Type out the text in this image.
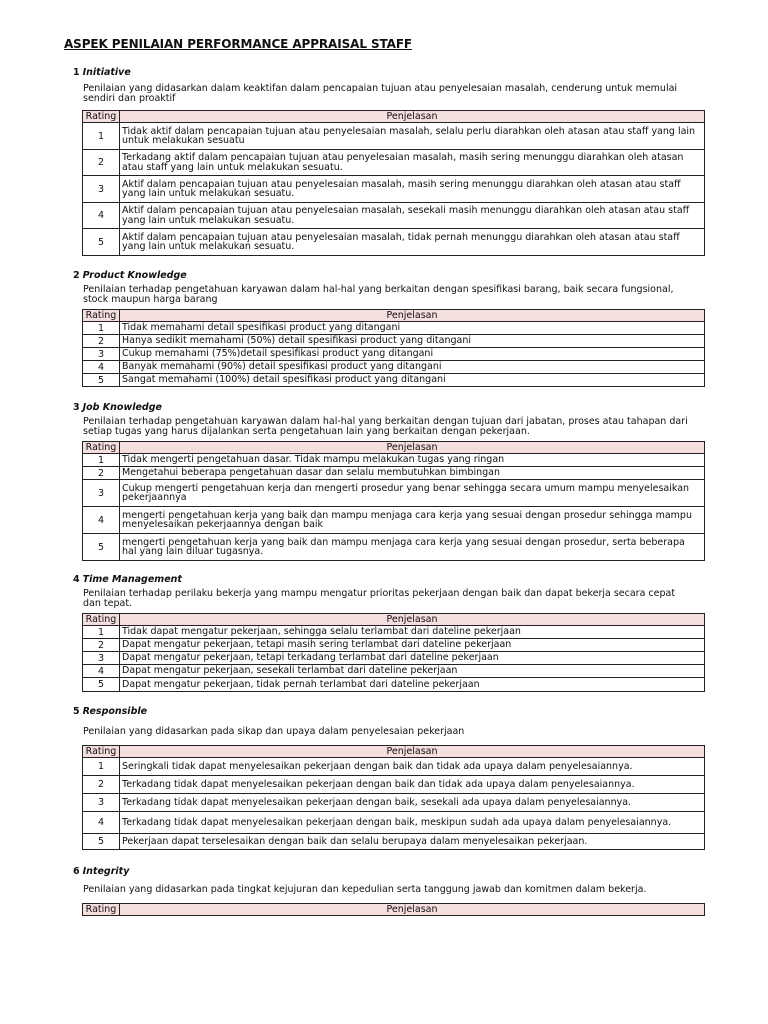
ASPEK PENILAIAN PERFORMANCE APPRAISAL STAFF
1 Initiative
Penilaian yang didasarkan dalam keaktifan dalam pencapaian tujuan atau penyelesaian masalah, cenderung untuk memulai sendiri dan proaktif
Rating	Penjelasan
1	Tidak aktif dalam pencapaian tujuan atau penyelesaian masalah, selalu perlu diarahkan oleh atasan atau staff yang lain untuk melakukan sesuatu
2	Terkadang aktif dalam pencapaian tujuan atau penyelesaian masalah, masih sering menunggu diarahkan oleh atasan atau staff yang lain untuk melakukan sesuatu.
3	Aktif dalam pencapaian tujuan atau penyelesaian masalah, masih sering menunggu diarahkan oleh atasan atau staff yang lain untuk melakukan sesuatu.
4	Aktif dalam pencapaian tujuan atau penyelesaian masalah, sesekali masih menunggu diarahkan oleh atasan atau staff yang lain untuk melakukan sesuatu.
5	Aktif dalam pencapaian tujuan atau penyelesaian masalah, tidak pernah menunggu diarahkan oleh atasan atau staff yang lain untuk melakukan sesuatu.
2 Product Knowledge
Penilaian terhadap pengetahuan karyawan dalam hal-hal yang berkaitan dengan spesifikasi barang, baik secara fungsional, stock maupun harga barang
Rating	Penjelasan
1	Tidak memahami detail spesifikasi product yang ditangani
2	Hanya sedikit memahami (50%) detail spesifikasi product yang ditangani
3	Cukup memahami (75%)detail spesifikasi product yang ditangani
4	Banyak memahami (90%) detail spesifikasi product yang ditangani
5	Sangat memahami (100%) detail spesifikasi product yang ditangani
3 Job Knowledge
Penilaian terhadap pengetahuan karyawan dalam hal-hal yang berkaitan dengan tujuan dari jabatan, proses atau tahapan dari setiap tugas yang harus dijalankan serta pengetahuan lain yang berkaitan dengan pekerjaan.
Rating	Penjelasan
1	Tidak mengerti pengetahuan dasar. Tidak mampu melakukan tugas yang ringan
2	Mengetahui beberapa pengetahuan dasar dan selalu membutuhkan bimbingan
3	Cukup mengerti pengetahuan kerja dan mengerti prosedur yang benar sehingga secara umum mampu menyelesaikan pekerjaannya
4	mengerti pengetahuan kerja yang baik dan mampu menjaga cara kerja yang sesuai dengan prosedur sehingga mampu menyelesaikan pekerjaannya dengan baik
5	mengerti pengetahuan kerja yang baik dan mampu menjaga cara kerja yang sesuai dengan prosedur, serta beberapa hal yang lain diluar tugasnya.
4 Time Management
Penilaian terhadap perilaku bekerja yang mampu mengatur prioritas pekerjaan dengan baik dan dapat bekerja secara cepat dan tepat.
Rating	Penjelasan
1	Tidak dapat mengatur pekerjaan, sehingga selalu terlambat dari dateline pekerjaan
2	Dapat mengatur pekerjaan, tetapi masih sering terlambat dari dateline pekerjaan
3	Dapat mengatur pekerjaan, tetapi terkadang terlambat dari dateline pekerjaan
4	Dapat mengatur pekerjaan, sesekali terlambat dari dateline pekerjaan
5	Dapat mengatur pekerjaan, tidak pernah terlambat dari dateline pekerjaan
5 Responsible
Penilaian yang didasarkan pada sikap dan upaya dalam penyelesaian pekerjaan
Rating	Penjelasan
1	Seringkali tidak dapat menyelesaikan pekerjaan dengan baik dan tidak ada upaya dalam penyelesaiannya.
2	Terkadang tidak dapat menyelesaikan pekerjaan dengan baik dan tidak ada upaya dalam penyelesaiannya.
3	Terkadang tidak dapat menyelesaikan pekerjaan dengan baik, sesekali ada upaya dalam penyelesaiannya.
4	Terkadang tidak dapat menyelesaikan pekerjaan dengan baik, meskipun sudah ada upaya dalam penyelesaiannya.
5	Pekerjaan dapat terselesaikan dengan baik dan selalu berupaya dalam menyelesaikan pekerjaan.
6 Integrity
Penilaian yang didasarkan pada tingkat kejujuran dan kepedulian serta tanggung jawab dan komitmen dalam bekerja.
Rating	Penjelasan
